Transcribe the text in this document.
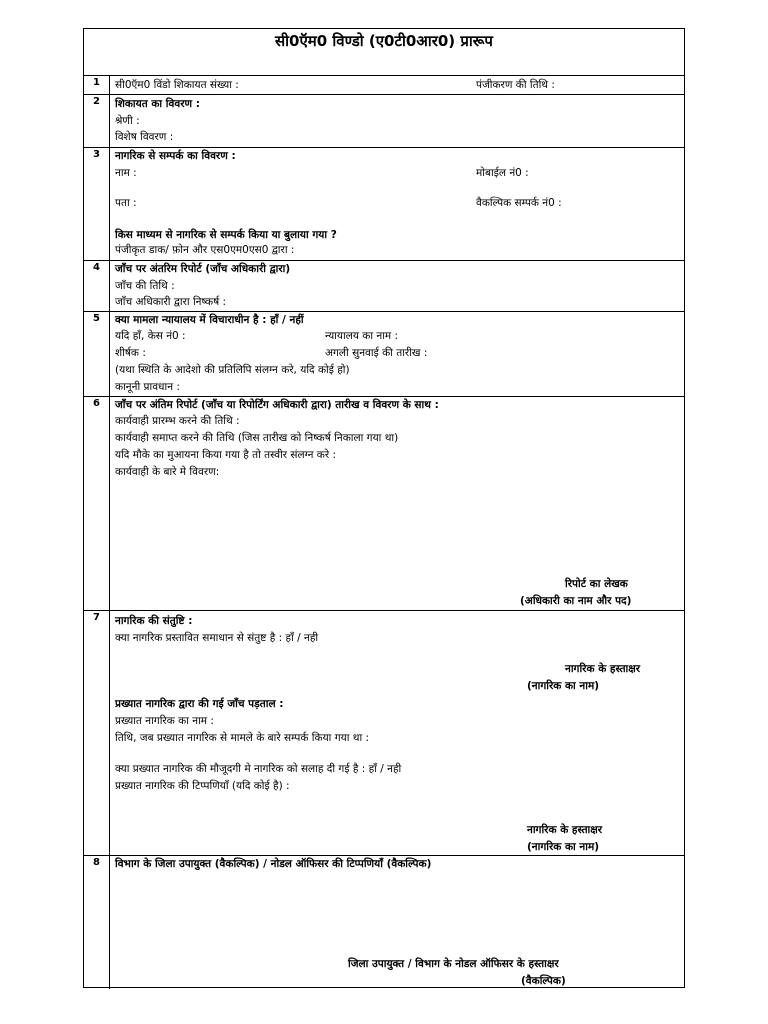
सी0ऍम0 विण्डो (ए0टी0आर0) प्रारूप
1	सी0ऍम0 विंडो शिकायत संख्या :	पंजीकरण की तिथि :
2	शिकायत का विवरण :
श्रेणी :
विशेष विवरण :
3	नागरिक से सम्पर्क का विवरण :
नाम :	मोबाईल नं0 :
पता :	वैकल्पिक सम्पर्क नं0 :
किस माध्यम से नागरिक से सम्पर्क किया या बुलाया गया ?
पंजीकृत डाक/ फ़ोन और एस0एम0एस0 द्वारा :
4	जाँच पर अंतरिम रिपोर्ट (जाँच अधिकारी द्वारा)
जाँच की तिथि :
जाँच अधिकारी द्वारा निष्कर्ष :
5	क्या मामला न्यायालय में विचाराधीन है : हाँ / नहीं
यदि हाँ, केस नं0 :	न्यायालय का नाम :
शीर्षक :	अगली सुनवाई की तारीख :
(यथा स्थिति के आदेशो की प्रतिलिपि संलग्न करे, यदि कोई हो)
कानूनी प्रावधान :
6	जाँच पर अंतिम रिपोर्ट (जाँच या रिपोर्टिंग अधिकारी द्वारा) तारीख व विवरण के साथ :
कार्यवाही प्रारम्भ करने की तिथि :
कार्यवाही समाप्त करने की तिथि (जिस तारीख को निष्कर्ष निकाला गया था)
यदि मौके का मुआयना किया गया है तो तस्वीर संलग्न करे :
कार्यवाही के बारे मे विवरण:
रिपोर्ट का लेखक
(अधिकारी का नाम और पद)
7	नागरिक की संतुष्टि :
क्या नागरिक प्रस्तावित समाधान से संतुष्ट है : हाँ / नही
नागरिक के हस्ताक्षर
(नागरिक का नाम)
प्रख्यात नागरिक द्वारा की गई जाँच पड़ताल :
प्रख्यात नागरिक का नाम :
तिथि, जब प्रख्यात नागरिक से मामले के बारे सम्पर्क किया गया था :
क्या प्रख्यात नागरिक की मौजूदगी मे नागरिक को सलाह दी गई है : हाँ / नही
प्रख्यात नागरिक की टिप्पणियाँ (यदि कोई है) :
नागरिक के हस्ताक्षर
(नागरिक का नाम)
8	विभाग के जिला उपायुक्त (वैकल्पिक) / नोडल ऑफिसर की टिप्पणियाँ (वैकल्पिक)
जिला उपायुक्त / विभाग के नोडल ऑफिसर के हस्ताक्षर
(वैकल्पिक)
